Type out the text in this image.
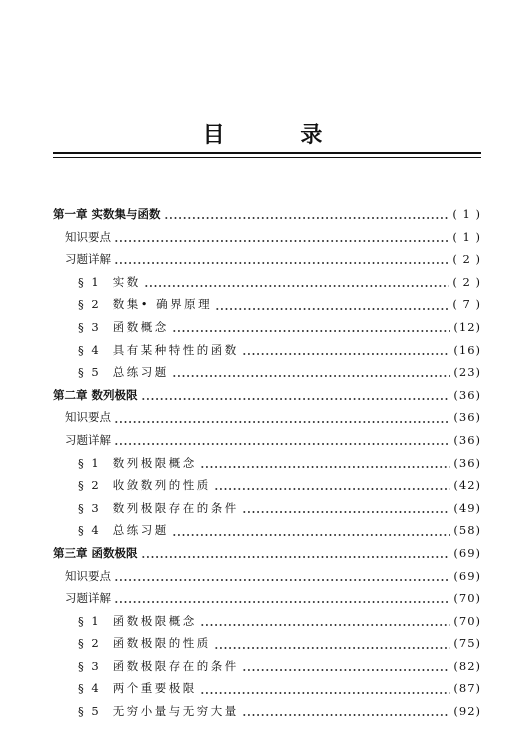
目 录
第一章 实数集与函数	( 1 )
知识要点	( 1 )
习题详解	( 2 )
§ 1 实数	( 2 )
§ 2 数集• 确界原理	( 7 )
§ 3 函数概念	(12)
§ 4 具有某种特性的函数	(16)
§ 5 总练习题	(23)
第二章 数列极限	(36)
知识要点	(36)
习题详解	(36)
§ 1 数列极限概念	(36)
§ 2 收敛数列的性质	(42)
§ 3 数列极限存在的条件	(49)
§ 4 总练习题	(58)
第三章 函数极限	(69)
知识要点	(69)
习题详解	(70)
§ 1 函数极限概念	(70)
§ 2 函数极限的性质	(75)
§ 3 函数极限存在的条件	(82)
§ 4 两个重要极限	(87)
§ 5 无穷小量与无穷大量	(92)
